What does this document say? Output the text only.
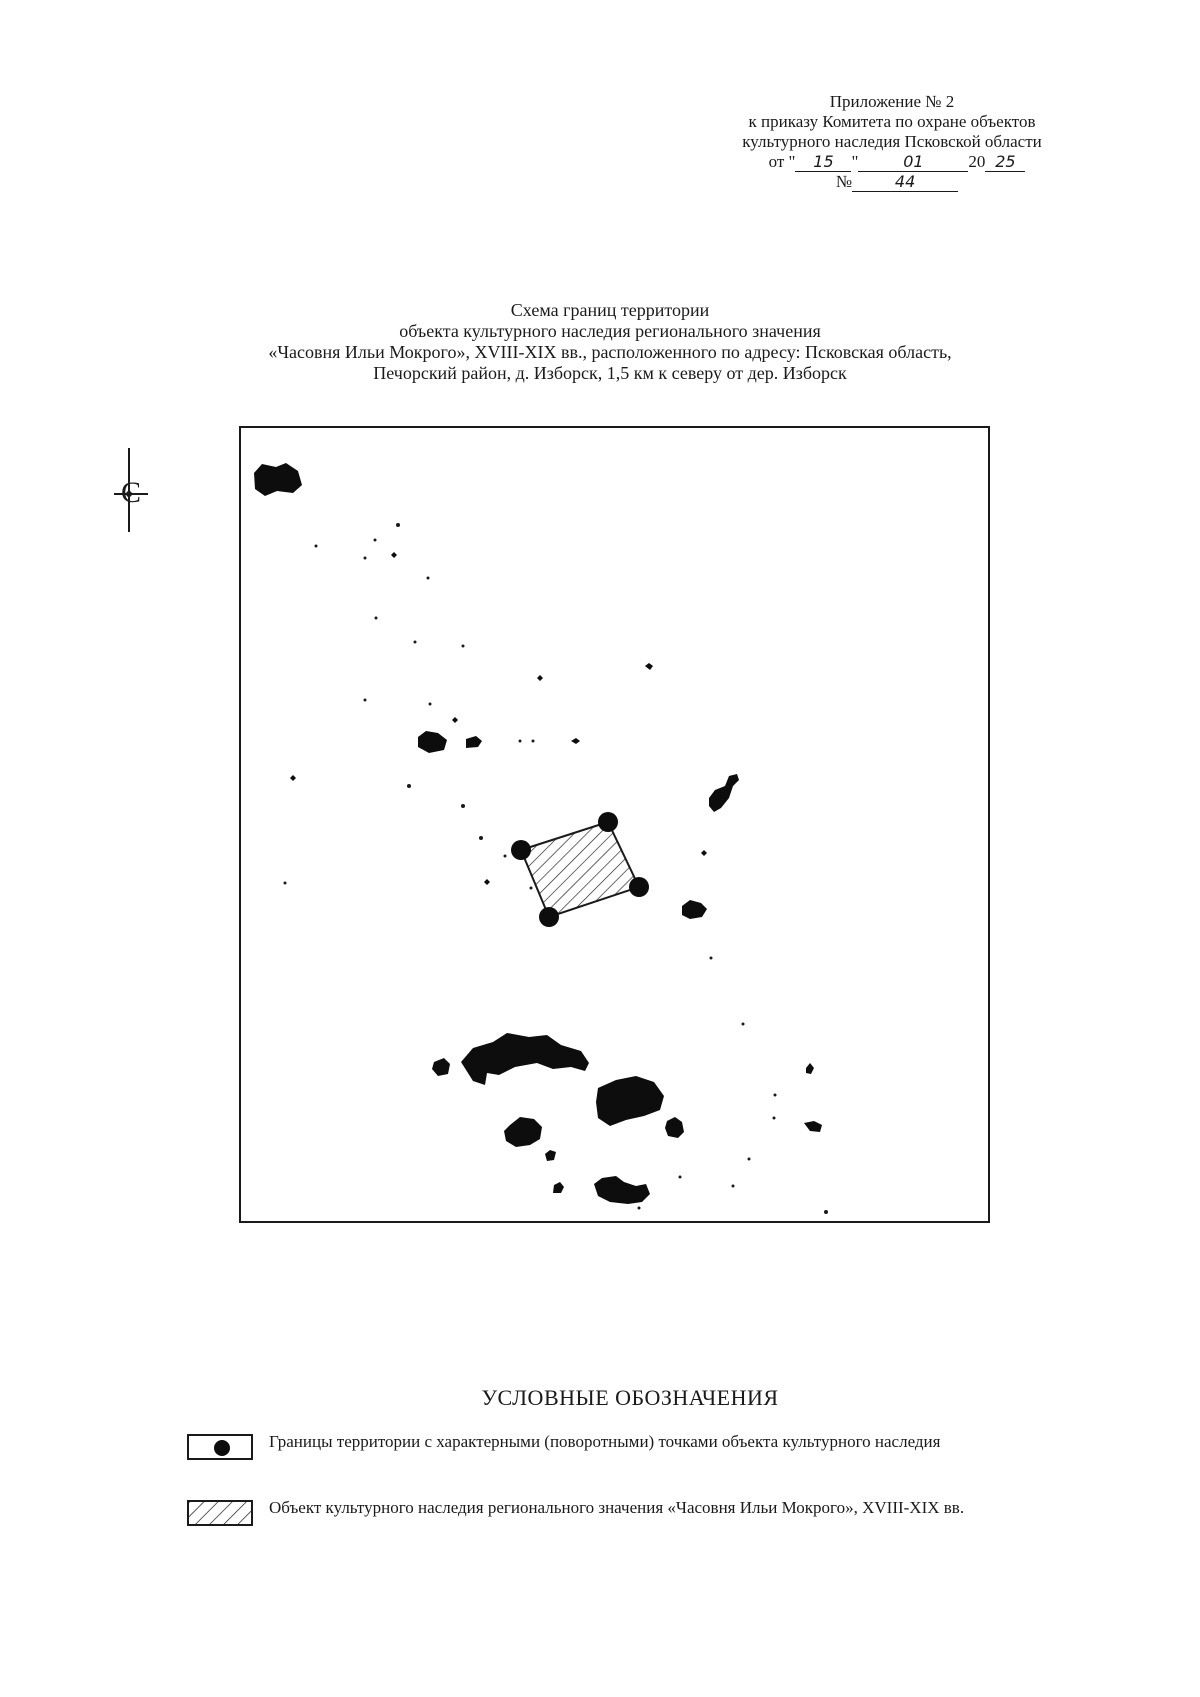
Приложение № 2
к приказу Комитета по охране объектов
культурного наследия Псковской области
от " 15 "	01	20 25
№	44
Схема границ территории
объекта культурного наследия регионального значения
«Часовня Ильи Мокрого», XVIII-XIX вв., расположенного по адресу: Псковская область,
Печорский район, д. Изборск, 1,5 км к северу от дер. Изборск
С
УСЛОВНЫЕ ОБОЗНАЧЕНИЯ
Границы территории с характерными (поворотными) точками объекта культурного наследия
Объект культурного наследия регионального значения «Часовня Ильи Мокрого», XVIII-XIX вв.
